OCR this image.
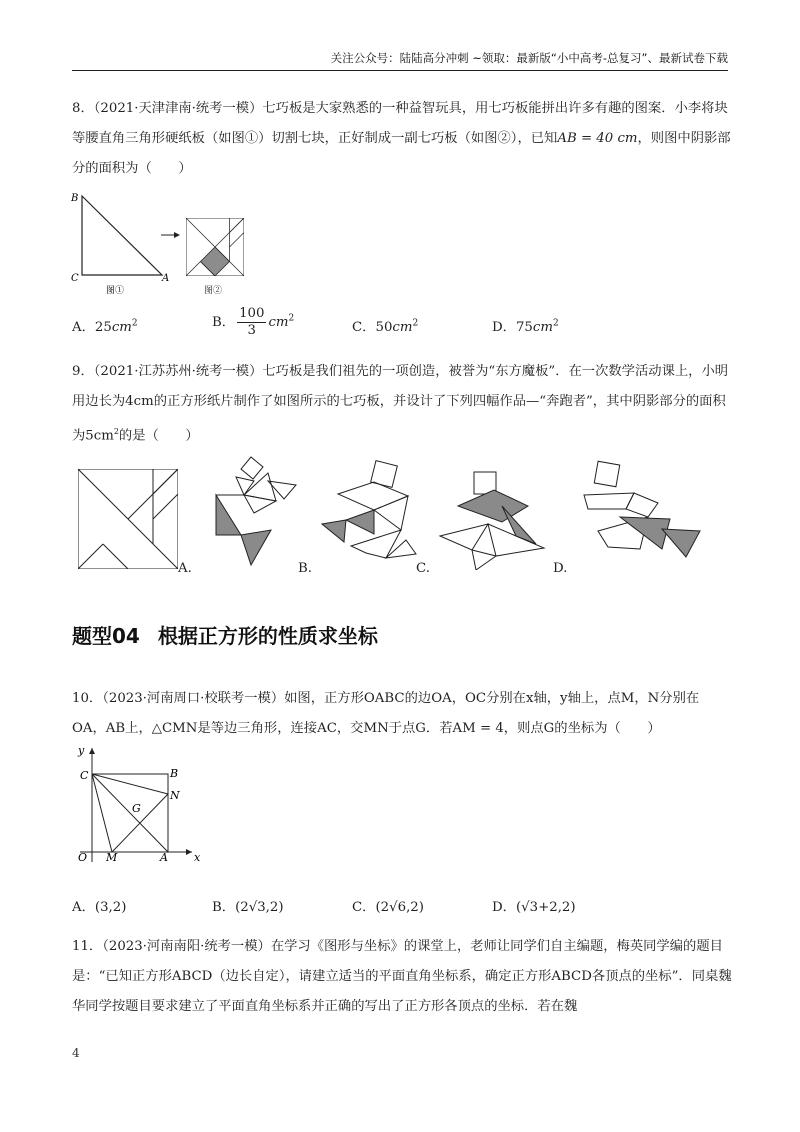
关注公众号：陆陆高分冲刺 ~领取：最新版“小中高考-总复习”、最新试卷下载
8．（2021·天津津南·统考一模）七巧板是大家熟悉的一种益智玩具，用七巧板能拼出许多有趣的图案．小李将块等腰直角三角形硬纸板（如图①）切割七块，正好制成一副七巧板（如图②），已知AB = 40 cm，则图中阴影部分的面积为（　　）
B
C	A
图①	图②
A．$25cm^2$	B． $\frac{100}{3} cm^2$
C．$50cm^2$	D．$75cm^2$
9．（2021·江苏苏州·统考一模）七巧板是我们祖先的一项创造，被誉为“东方魔板”．在一次数学活动课上，小明用边长为4cm的正方形纸片制作了如图所示的七巧板，并设计了下列四幅作品—“奔跑者”，其中阴影部分的面积为$5cm^2$的是（　　）
A.	B.	C.	D.
题型04 根据正方形的性质求坐标
10．（2023·河南周口·校联考一模）如图，正方形OABC的边OA，OC分别在x轴，y轴上，点M，N分别在OA，AB上，△CMN是等边三角形，连接AC，交MN于点G．若AM = 4，则点G的坐标为（　　）
y
x
C	B
N
G
O M	A
A．(3,2)	B．(2√3,2)	C．(2√6,2)	D．(√3+2,2)
11．（2023·河南南阳·统考一模）在学习《图形与坐标》的课堂上，老师让同学们自主编题，梅英同学编的题目是：“已知正方形ABCD（边长自定），请建立适当的平面直角坐标系，确定正方形ABCD各顶点的坐标”．同桌魏华同学按题目要求建立了平面直角坐标系并正确的写出了正方形各顶点的坐标．若在魏
4
